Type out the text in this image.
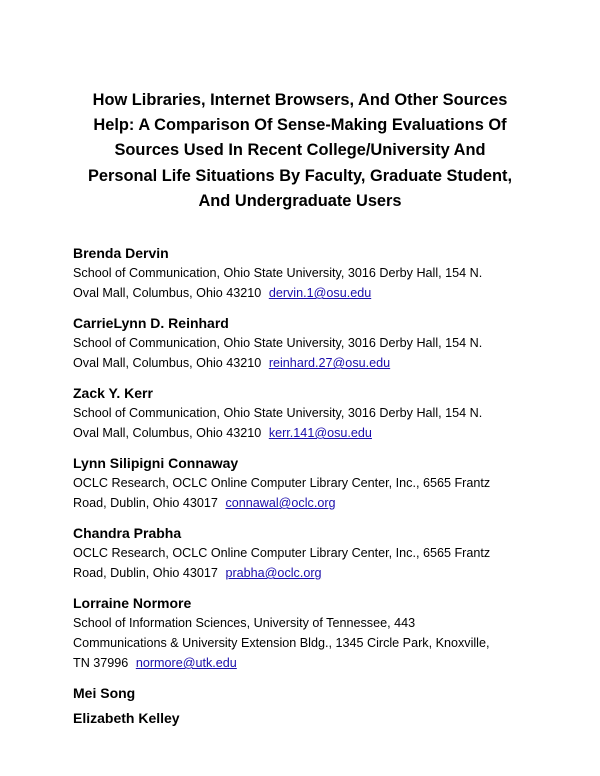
How Libraries, Internet Browsers, And Other Sources
Help: A Comparison Of Sense-Making Evaluations Of
Sources Used In Recent College/University And
Personal Life Situations By Faculty, Graduate Student,
And Undergraduate Users

Brenda Dervin

School of Communication, Ohio State University, 3016 Derby Hall, 154 N.
Oval Mall, Columbus, Ohio 43210 dervin.1@osu.edu

CarrieLynn D. Reinhard

School of Communication, Ohio State University, 3016 Derby Hall, 154 N.
Oval Mall, Columbus, Ohio 43210 reinhard.27@osu.edu

Zack Y. Kerr

School of Communication, Ohio State University, 3016 Derby Hall, 154 N.
Oval Mall, Columbus, Ohio 43210 kerr.141@osu.edu

Lynn Silipigni Connaway

OCLC Research, OCLC Online Computer Library Center, Inc., 6565 Frantz
Road, Dublin, Ohio 43017 connawal@oclc.org

Chandra Prabha

OCLC Research, OCLC Online Computer Library Center, Inc., 6565 Frantz
Road, Dublin, Ohio 43017 prabha@oclc.org

Lorraine Normore

School of Information Sciences, University of Tennessee, 443
Communications & University Extension Bldg., 1345 Circle Park, Knoxville,
TN 37996 normore@utk.edu

Mei Song

Elizabeth Kelley
